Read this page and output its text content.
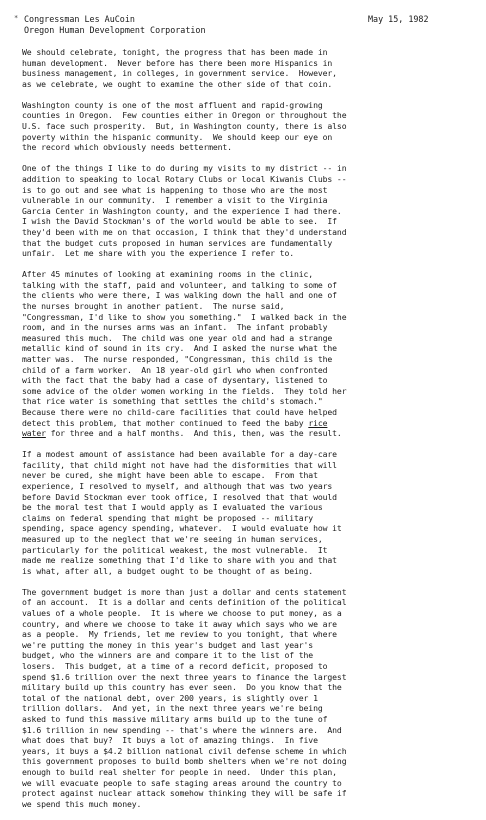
* Congressman Les AuCoin
Oregon Human Development Corporation
May 15, 1982
We should celebrate, tonight, the progress that has been made in
human development.  Never before has there been more Hispanics in
business management, in colleges, in government service.  However,
as we celebrate, we ought to examine the other side of that coin.
Washington county is one of the most affluent and rapid-growing
counties in Oregon.  Few counties either in Oregon or throughout the
U.S. face such prosperity.  But, in Washington county, there is also
poverty within the hispanic community.  We should keep our eye on
the record which obviously needs betterment.
One of the things I like to do during my visits to my district -- in
addition to speaking to local Rotary Clubs or local Kiwanis Clubs --
is to go out and see what is happening to those who are the most
vulnerable in our community.  I remember a visit to the Virginia
Garcia Center in Washington county, and the experience I had there.
I wish the David Stockman's of the world would be able to see.  If
they'd been with me on that occasion, I think that they'd understand
that the budget cuts proposed in human services are fundamentally
unfair.  Let me share with you the experience I refer to.
After 45 minutes of looking at examining rooms in the clinic,
talking with the staff, paid and volunteer, and talking to some of
the clients who were there, I was walking down the hall and one of
the nurses brought in another patient.  The nurse said,
"Congressman, I'd like to show you something."  I walked back in the
room, and in the nurses arms was an infant.  The infant probably
measured this much.  The child was one year old and had a strange
metallic kind of sound in its cry.  And I asked the nurse what the
matter was.  The nurse responded, "Congressman, this child is the
child of a farm worker.  An 18 year-old girl who when confronted
with the fact that the baby had a case of dysentary, listened to
some advice of the older women working in the fields.  They told her
that rice water is something that settles the child's stomach."
Because there were no child-care facilities that could have helped
detect this problem, that mother continued to feed the baby rice
water for three and a half months.  And this, then, was the result.
If a modest amount of assistance had been available for a day-care
facility, that child might not have had the disformities that will
never be cured, she might have been able to escape.  From that
experience, I resolved to myself, and although that was two years
before David Stockman ever took office, I resolved that that would
be the moral test that I would apply as I evaluated the various
claims on federal spending that might be proposed -- military
spending, space agency spending, whatever.  I would evaluate how it
measured up to the neglect that we're seeing in human services,
particularly for the political weakest, the most vulnerable.  It
made me realize something that I'd like to share with you and that
is what, after all, a budget ought to be thought of as being.
The government budget is more than just a dollar and cents statement
of an account.  It is a dollar and cents definition of the political
values of a whole people.  It is where we choose to put money, as a
country, and where we choose to take it away which says who we are
as a people.  My friends, let me review to you tonight, that where
we're putting the money in this year's budget and last year's
budget, who the winners are and compare it to the list of the
losers.  This budget, at a time of a record deficit, proposed to
spend $1.6 trillion over the next three years to finance the largest
military build up this country has ever seen.  Do you know that the
total of the national debt, over 200 years, is slightly over 1
trillion dollars.  And yet, in the next three years we're being
asked to fund this massive military arms build up to the tune of
$1.6 trillion in new spending -- that's where the winners are.  And
what does that buy?  It buys a lot of amazing things.  In five
years, it buys a $4.2 billion national civil defense scheme in which
this government proposes to build bomb shelters when we're not doing
enough to build real shelter for people in need.  Under this plan,
we will evacuate people to safe staging areas around the country to
protect against nuclear attack somehow thinking they will be safe if
we spend this much money.
